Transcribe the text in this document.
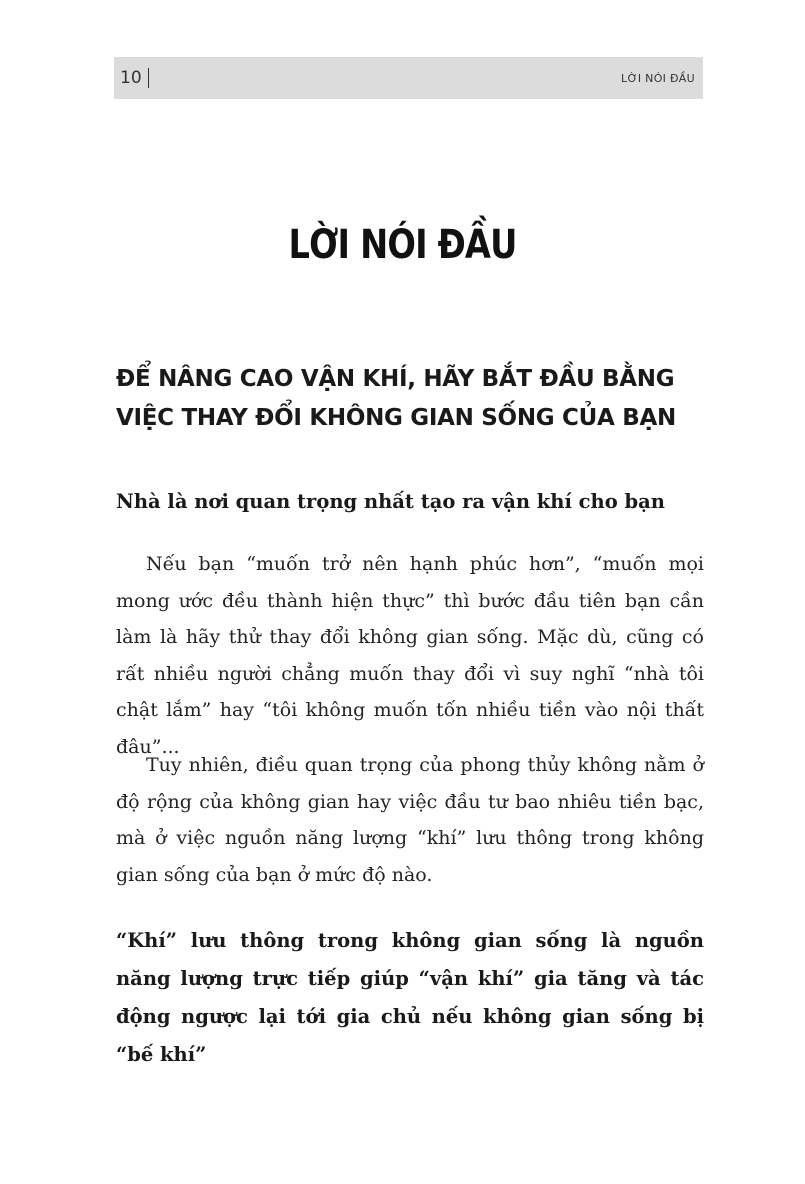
10	LỜI NÓI ĐẦU
LỜI NÓI ĐẦU
ĐỂ NÂNG CAO VẬN KHÍ, HÃY BẮT ĐẦU BẰNG VIỆC THAY ĐỔI KHÔNG GIAN SỐNG CỦA BẠN
Nhà là nơi quan trọng nhất tạo ra vận khí cho bạn

Nếu bạn “muốn trở nên hạnh phúc hơn”, “muốn mọi mong ước đều thành hiện thực” thì bước đầu tiên bạn cần làm là hãy thử thay đổi không gian sống. Mặc dù, cũng có rất nhiều người chẳng muốn thay đổi vì suy nghĩ “nhà tôi chật lắm” hay “tôi không muốn tốn nhiều tiền vào nội thất đâu”...

Tuy nhiên, điều quan trọng của phong thủy không nằm ở độ rộng của không gian hay việc đầu tư bao nhiêu tiền bạc, mà ở việc nguồn năng lượng “khí” lưu thông trong không gian sống của bạn ở mức độ nào.

“Khí” lưu thông trong không gian sống là nguồn năng lượng trực tiếp giúp “vận khí” gia tăng và tác động ngược lại tới gia chủ nếu không gian sống bị “bế khí”
